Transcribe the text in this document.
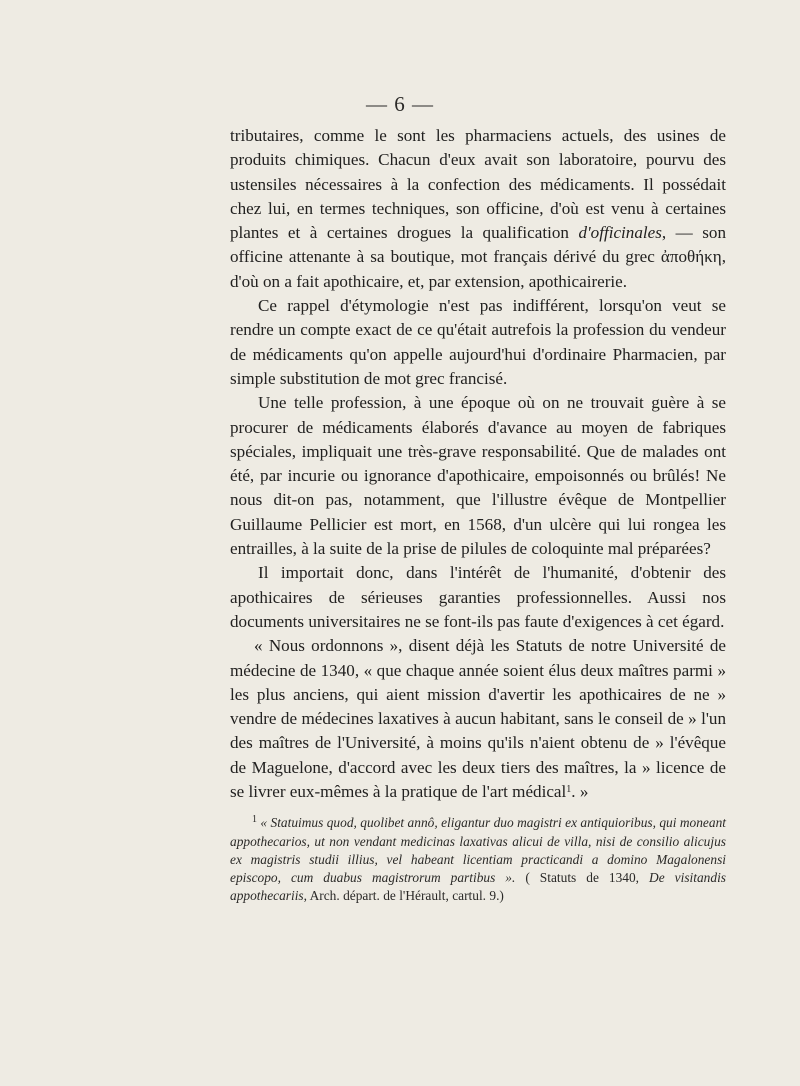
— 6 —

tributaires, comme le sont les pharmaciens actuels, des usines de produits chimiques. Chacun d'eux avait son laboratoire, pourvu des ustensiles nécessaires à la confection des médicaments. Il possédait chez lui, en termes techniques, son officine, d'où est venu à certaines plantes et à certaines drogues la qualification d'officinales, — son officine attenante à sa boutique, mot français dérivé du grec ἀποθήκη, d'où on a fait apothicaire, et, par extension, apothicairerie.

Ce rappel d'étymologie n'est pas indifférent, lorsqu'on veut se rendre un compte exact de ce qu'était autrefois la profession du vendeur de médicaments qu'on appelle aujourd'hui d'ordinaire Pharmacien, par simple substitution de mot grec francisé.

Une telle profession, à une époque où on ne trouvait guère à se procurer de médicaments élaborés d'avance au moyen de fabriques spéciales, impliquait une très-grave responsabilité. Que de malades ont été, par incurie ou ignorance d'apothicaire, empoisonnés ou brûlés! Ne nous dit-on pas, notamment, que l'illustre évêque de Montpellier Guillaume Pellicier est mort, en 1568, d'un ulcère qui lui rongea les entrailles, à la suite de la prise de pilules de coloquinte mal préparées?

Il importait donc, dans l'intérêt de l'humanité, d'obtenir des apothicaires de sérieuses garanties professionnelles. Aussi nos documents universitaires ne se font-ils pas faute d'exigences à cet égard.

« Nous ordonnons », disent déjà les Statuts de notre Université de médecine de 1340, « que chaque année soient élus deux maîtres parmi » les plus anciens, qui aient mission d'avertir les apothicaires de ne » vendre de médecines laxatives à aucun habitant, sans le conseil de » l'un des maîtres de l'Université, à moins qu'ils n'aient obtenu de » l'évêque de Maguelone, d'accord avec les deux tiers des maîtres, la » licence de se livrer eux-mêmes à la pratique de l'art médical$^1$. »

$^1$ « Statuimus quod, quolibet annô, eligantur duo magistri ex antiquioribus, qui moneant appothecarios, ut non vendant medicinas laxativas alicui de villa, nisi de consilio alicujus ex magistris studii illius, vel habeant licentiam practicandi a domino Magalonensi episcopo, cum duabus magistrorum partibus ». ( Statuts de 1340, De visitandis appothecariis, Arch. départ. de l'Hérault, cartul. 9.)
